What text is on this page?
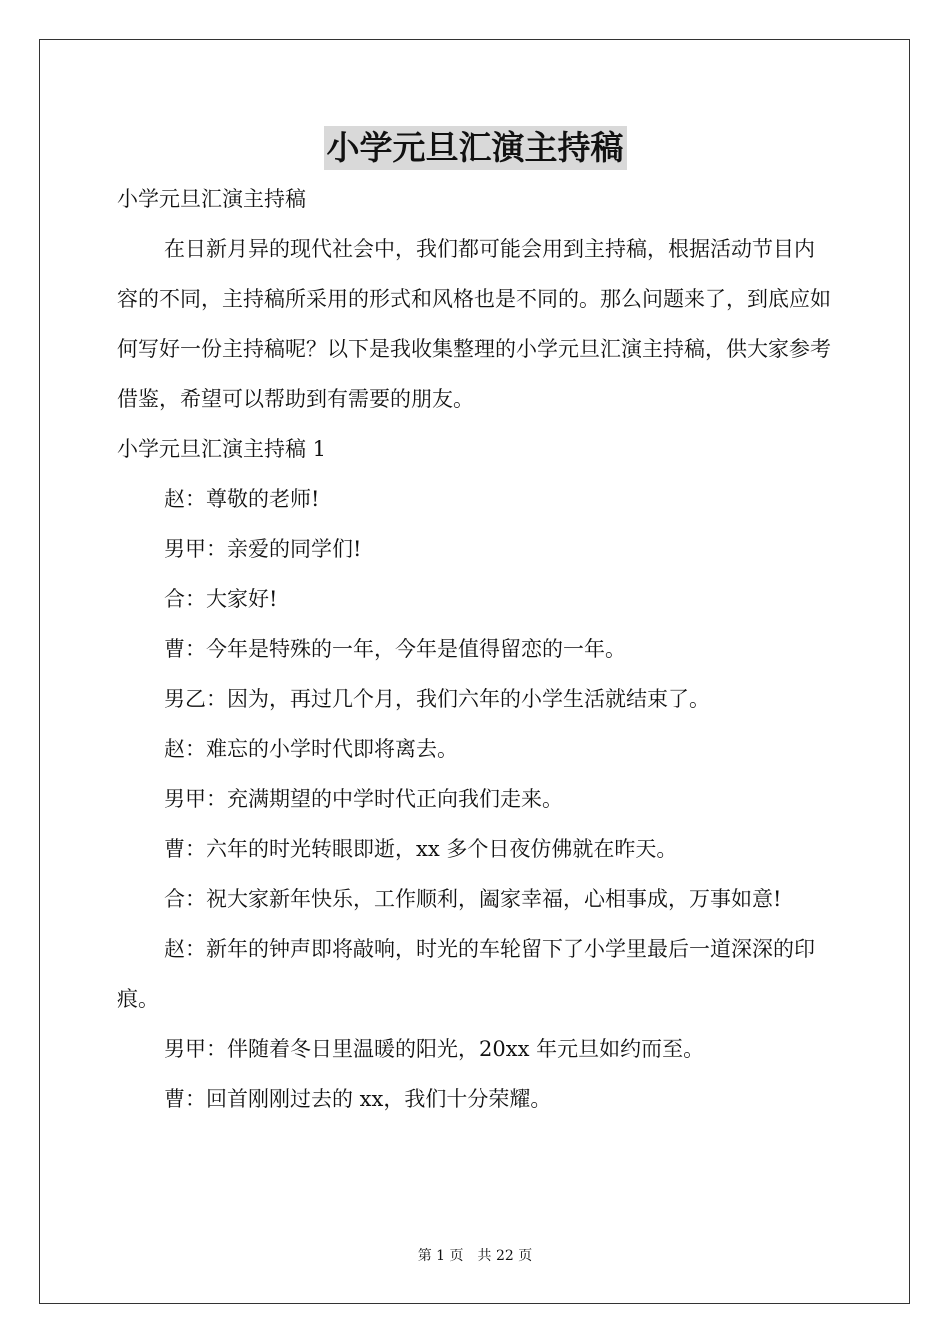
小学元旦汇演主持稿

小学元旦汇演主持稿

在日新月异的现代社会中，我们都可能会用到主持稿，根据活动节目内容的不同，主持稿所采用的形式和风格也是不同的。那么问题来了，到底应如何写好一份主持稿呢？以下是我收集整理的小学元旦汇演主持稿，供大家参考借鉴，希望可以帮助到有需要的朋友。

小学元旦汇演主持稿 1

赵：尊敬的老师!

男甲：亲爱的同学们!

合：大家好!

曹：今年是特殊的一年，今年是值得留恋的一年。

男乙：因为，再过几个月，我们六年的小学生活就结束了。

赵：难忘的小学时代即将离去。

男甲：充满期望的中学时代正向我们走来。

曹：六年的时光转眼即逝，xx 多个日夜仿佛就在昨天。

合：祝大家新年快乐，工作顺利，阖家幸福，心相事成，万事如意!

赵：新年的钟声即将敲响，时光的车轮留下了小学里最后一道深深的印痕。

男甲：伴随着冬日里温暖的阳光，20xx 年元旦如约而至。

曹：回首刚刚过去的 xx，我们十分荣耀。

第 1 页　共 22 页
